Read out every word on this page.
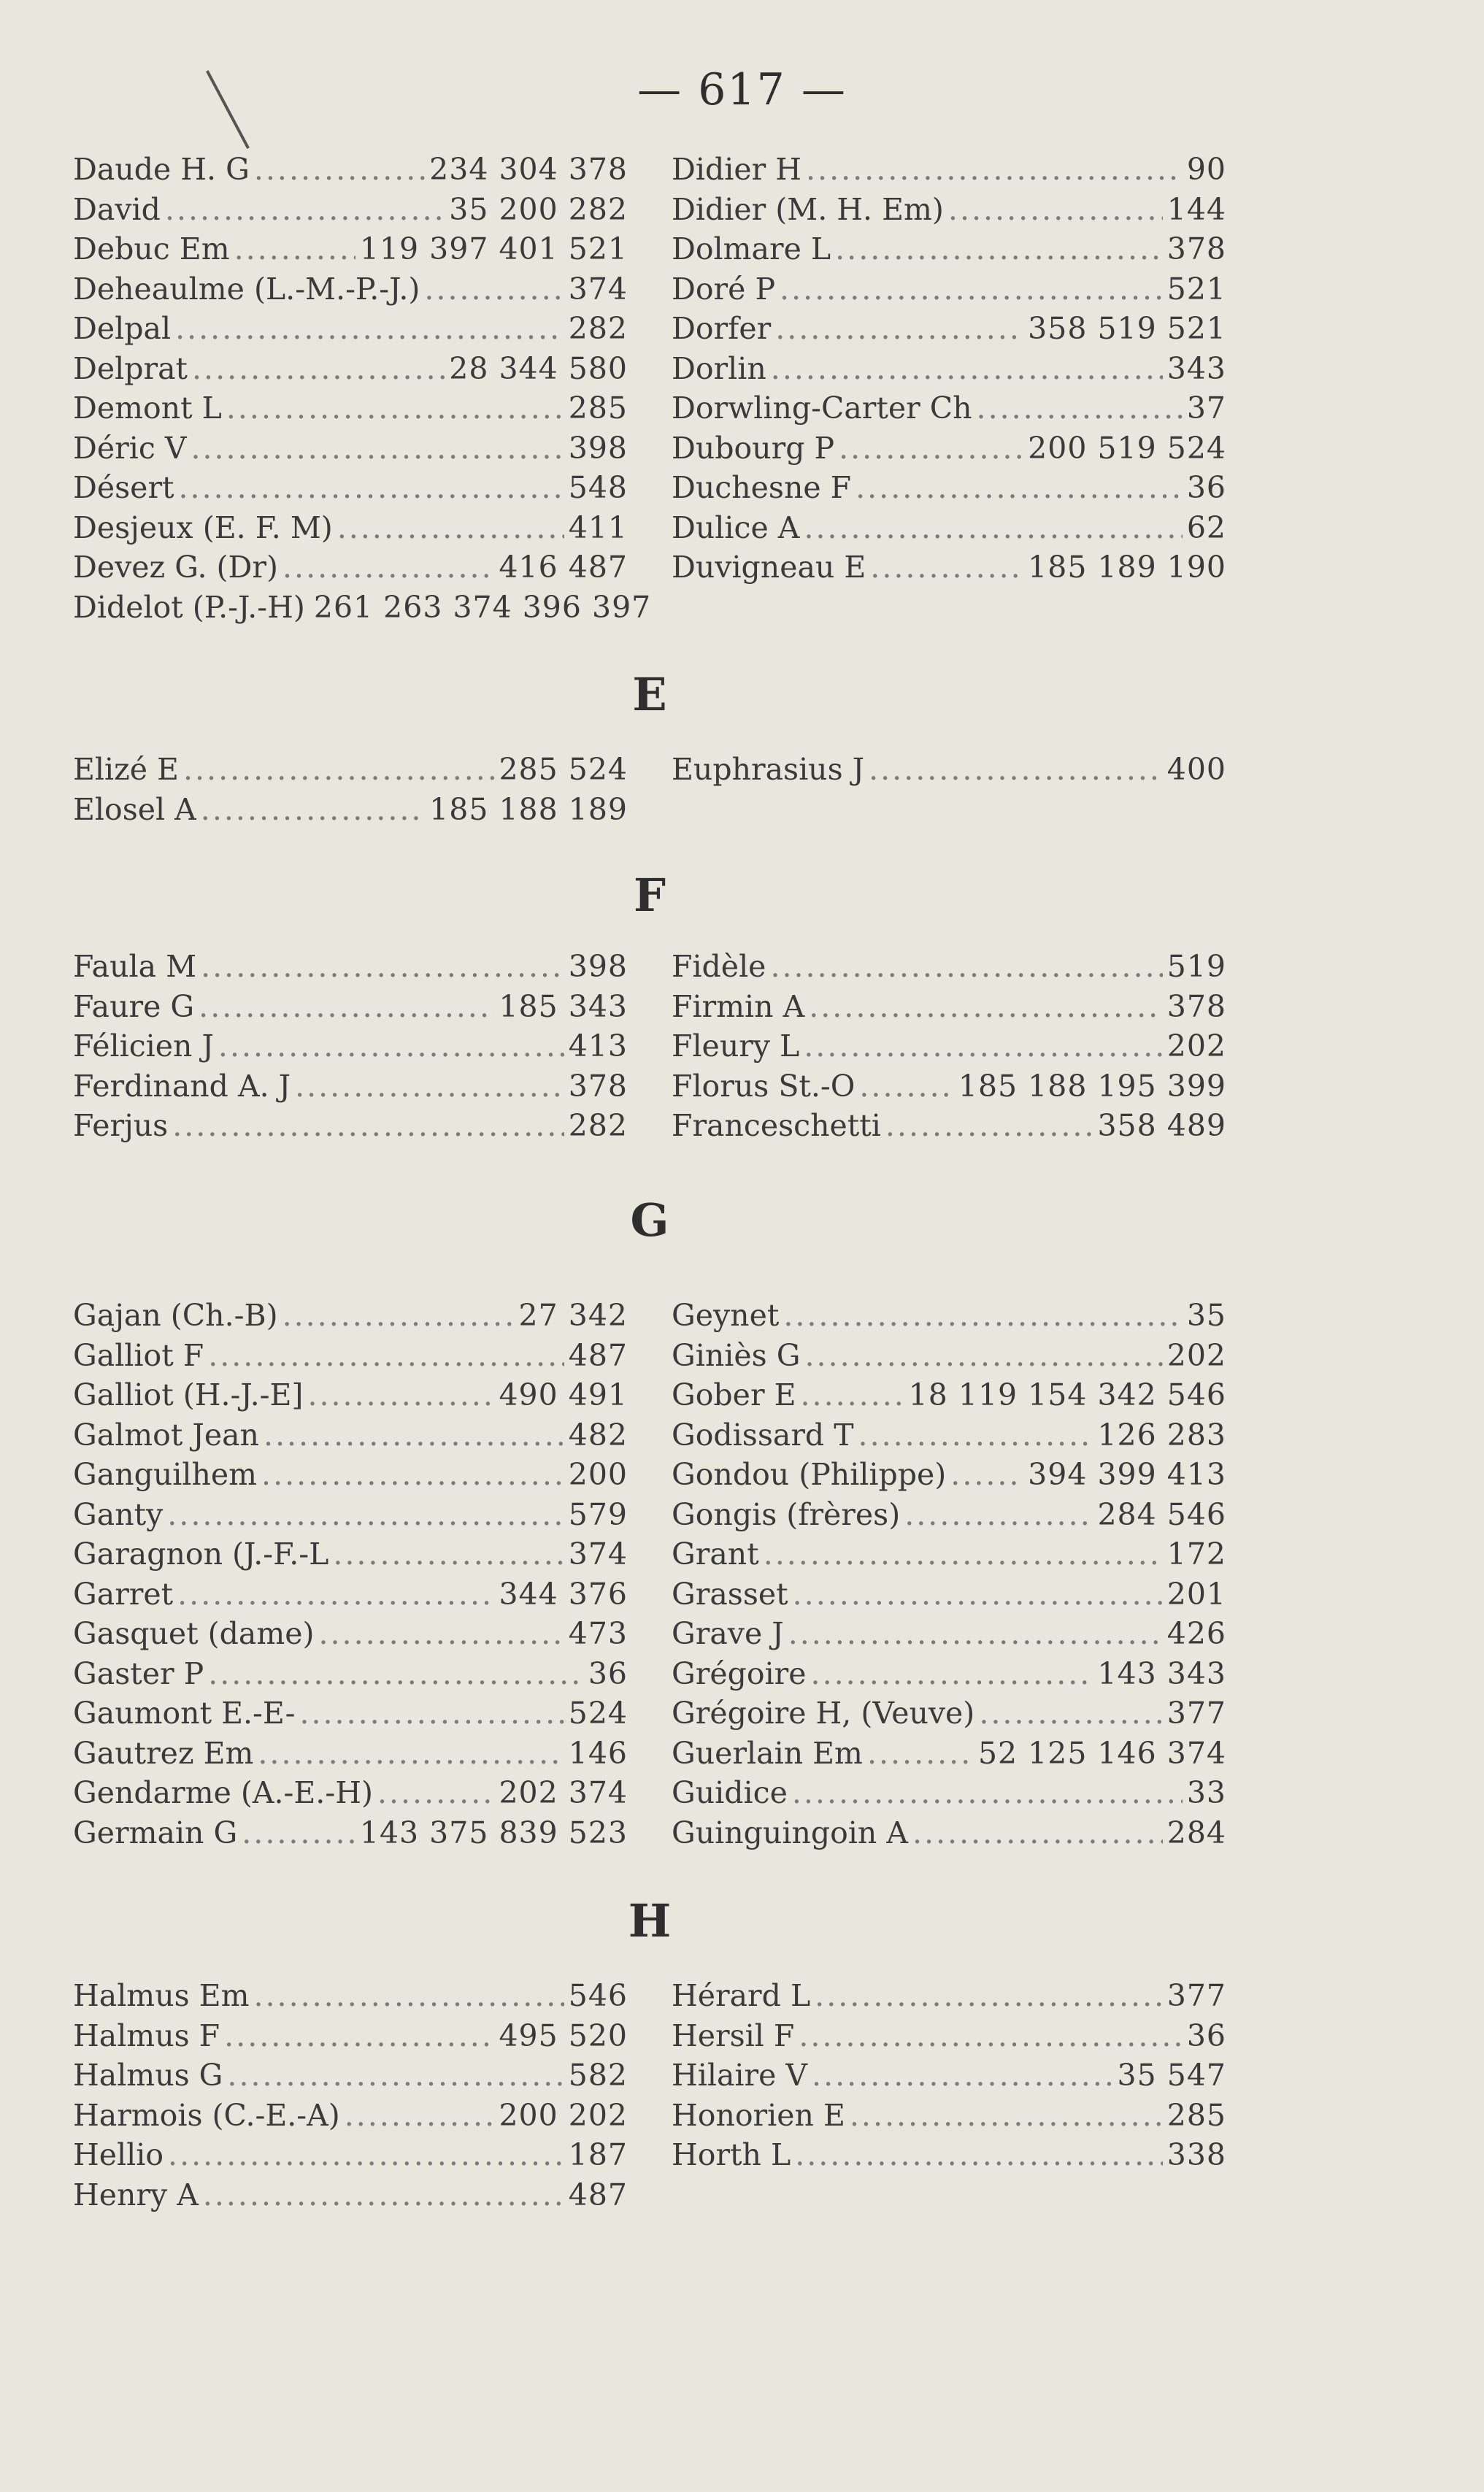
— 617 —
Daude H. G .....	234 304 378
David .....	35 200 282
Debuc Em .....	119 397 401 521
Deheaulme (L.-M.-P.-J.) .....	374
Delpal .....	282
Delprat .....	28 344 580
Demont L .....	285
Déric V .....	398
Désert .....	548
Desjeux (E. F. M) .....	411
Devez G. (Dr) .....	416 487
Didelot (P.-J.-H) 261 263 374 396 397
Didier H .....	90
Didier (M. H. Em) .....	144
Dolmare L .....	378
Doré P .....	521
Dorfer .....	358 519 521
Dorlin .....	343
Dorwling-Carter Ch .....	37
Dubourg P .....	200 519 524
Duchesne F .....	36
Dulice A .....	62
Duvigneau E .....	185 189 190
E
Elizé E .....	285 524
Elosel A .....	185 188 189
Euphrasius J .....	400
F
Faula M .....	398
Faure G .....	185 343
Félicien J .....	413
Ferdinand A. J .....	378
Ferjus .....	282
Fidèle .....	519
Firmin A .....	378
Fleury L .....	202
Florus St.-O .....	185 188 195 399
Franceschetti .....	358 489
G
Gajan (Ch.-B) .....	27 342
Galliot F .....	487
Galliot (H.-J.-E] .....	490 491
Galmot Jean .....	482
Ganguilhem .....	200
Ganty .....	579
Garagnon (J.-F.-L .....	374
Garret .....	344 376
Gasquet (dame) .....	473
Gaster P .....	36
Gaumont E.-E- .....	524
Gautrez Em .....	146
Gendarme (A.-E.-H) .....	202 374
Germain G .....	143 375 839 523
Geynet .....	35
Giniès G .....	202
Gober E .....	18 119 154 342 546
Godissard T .....	126 283
Gondou (Philippe) .....	394 399 413
Gongis (frères) .....	284 546
Grant .....	172
Grasset .....	201
Grave J .....	426
Grégoire .....	143 343
Grégoire H, (Veuve) .....	377
Guerlain Em .....	52 125 146 374
Guidice .....	33
Guinguingoin A .....	284
H
Halmus Em .....	546
Halmus F .....	495 520
Halmus G .....	582
Harmois (C.-E.-A) .....	200 202
Hellio .....	187
Henry A .....	487
Hérard L .....	377
Hersil F .....	36
Hilaire V .....	35 547
Honorien E .....	285
Horth L .....	338
